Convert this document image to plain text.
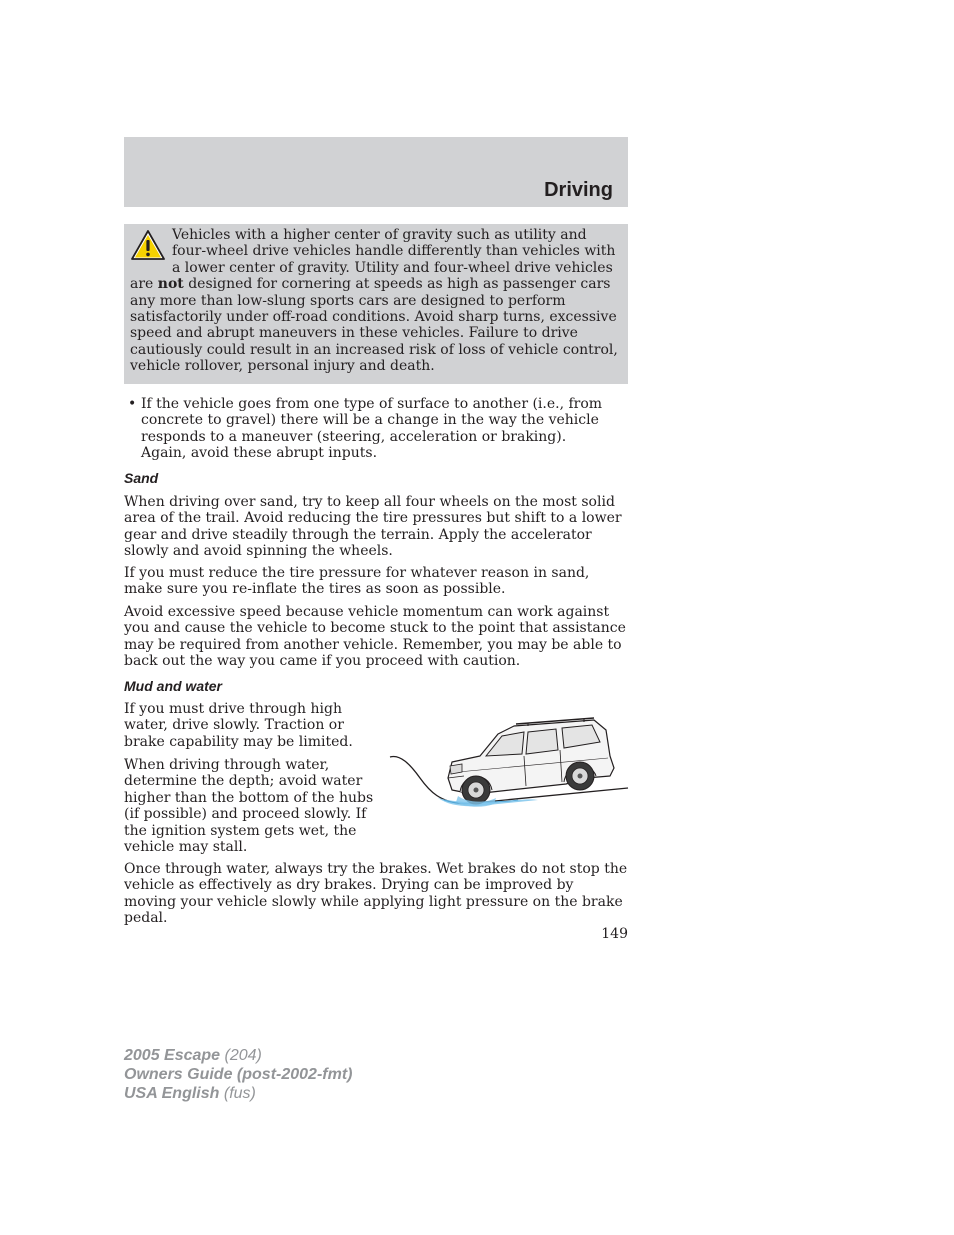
Driving

Vehicles with a higher center of gravity such as utility and four-wheel drive vehicles handle differently than vehicles with a lower center of gravity. Utility and four-wheel drive vehicles are not designed for cornering at speeds as high as passenger cars any more than low-slung sports cars are designed to perform satisfactorily under off-road conditions. Avoid sharp turns, excessive speed and abrupt maneuvers in these vehicles. Failure to drive cautiously could result in an increased risk of loss of vehicle control, vehicle rollover, personal injury and death.

• If the vehicle goes from one type of surface to another (i.e., from concrete to gravel) there will be a change in the way the vehicle responds to a maneuver (steering, acceleration or braking). Again, avoid these abrupt inputs.
Sand

When driving over sand, try to keep all four wheels on the most solid area of the trail. Avoid reducing the tire pressures but shift to a lower gear and drive steadily through the terrain. Apply the accelerator slowly and avoid spinning the wheels.

If you must reduce the tire pressure for whatever reason in sand, make sure you re-inflate the tires as soon as possible.

Avoid excessive speed because vehicle momentum can work against you and cause the vehicle to become stuck to the point that assistance may be required from another vehicle. Remember, you may be able to back out the way you came if you proceed with caution.

Mud and water

If you must drive through high water, drive slowly. Traction or brake capability may be limited.

When driving through water, determine the depth; avoid water higher than the bottom of the hubs (if possible) and proceed slowly. If the ignition system gets wet, the vehicle may stall.

Once through water, always try the brakes. Wet brakes do not stop the vehicle as effectively as dry brakes. Drying can be improved by moving your vehicle slowly while applying light pressure on the brake pedal.

149
2005 Escape (204)
Owners Guide (post-2002-fmt)
USA English (fus)
